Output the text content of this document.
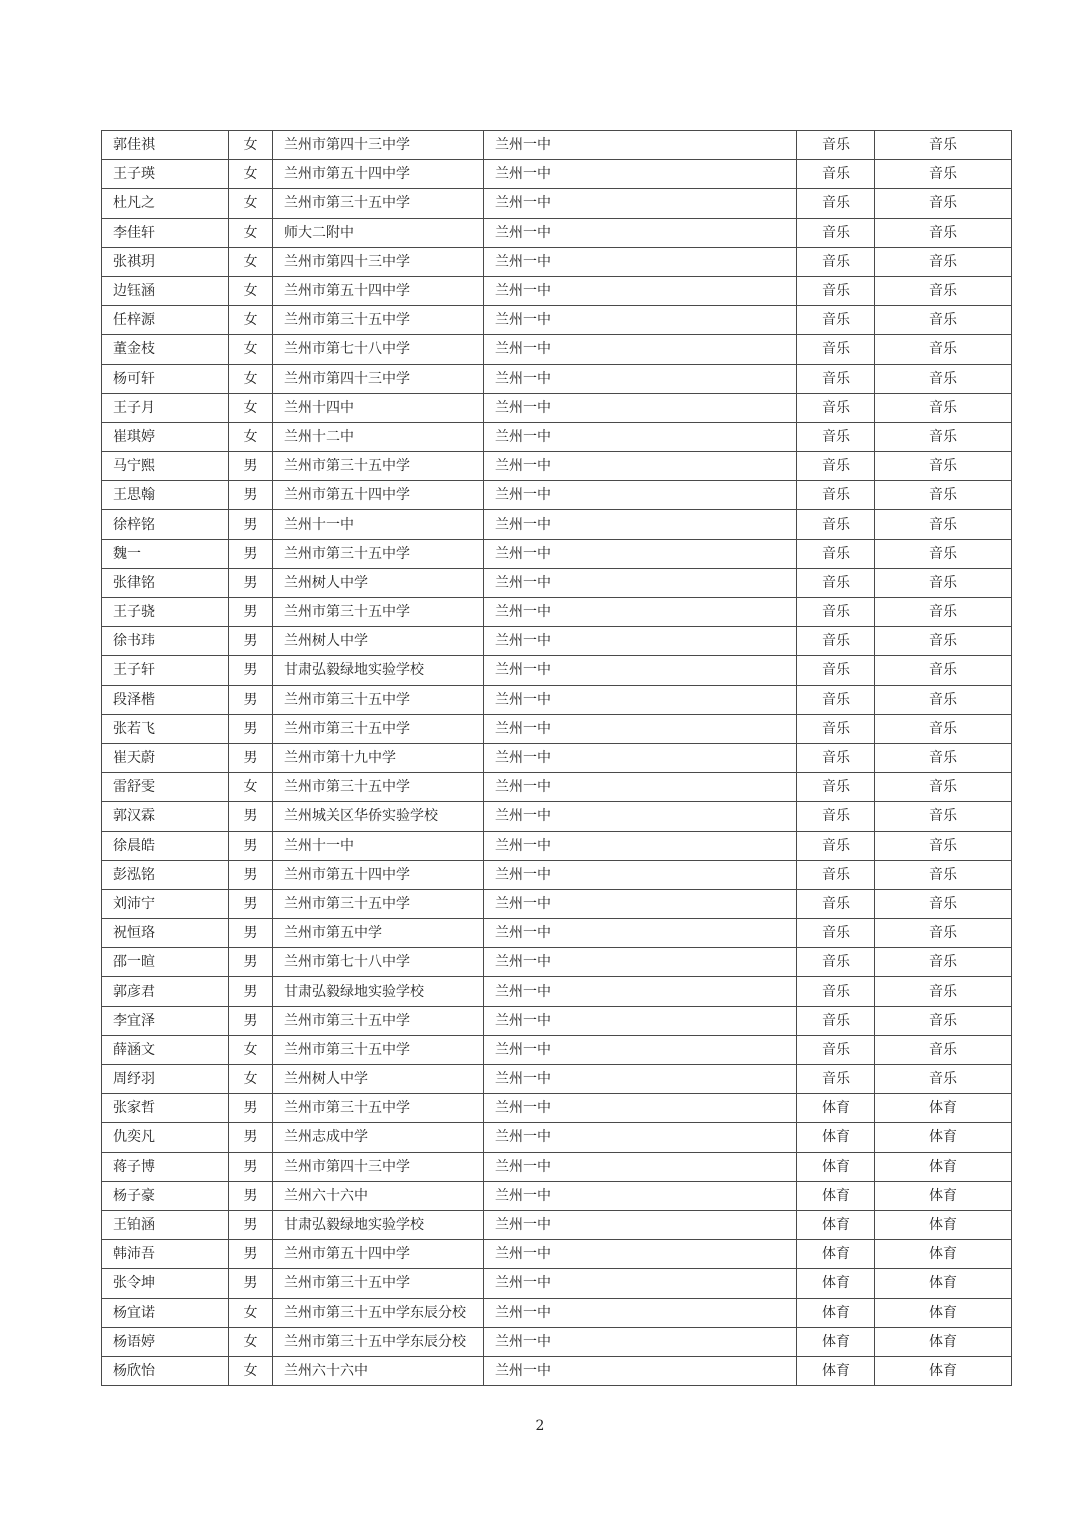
郭佳祺	女	兰州市第四十三中学	兰州一中	音乐	音乐
王子瑛	女	兰州市第五十四中学	兰州一中	音乐	音乐
杜凡之	女	兰州市第三十五中学	兰州一中	音乐	音乐
李佳轩	女	师大二附中	兰州一中	音乐	音乐
张祺玥	女	兰州市第四十三中学	兰州一中	音乐	音乐
边钰涵	女	兰州市第五十四中学	兰州一中	音乐	音乐
任梓源	女	兰州市第三十五中学	兰州一中	音乐	音乐
董金枝	女	兰州市第七十八中学	兰州一中	音乐	音乐
杨可轩	女	兰州市第四十三中学	兰州一中	音乐	音乐
王子月	女	兰州十四中	兰州一中	音乐	音乐
崔琪婷	女	兰州十二中	兰州一中	音乐	音乐
马宁熙	男	兰州市第三十五中学	兰州一中	音乐	音乐
王思翰	男	兰州市第五十四中学	兰州一中	音乐	音乐
徐梓铭	男	兰州十一中	兰州一中	音乐	音乐
魏一	男	兰州市第三十五中学	兰州一中	音乐	音乐
张律铭	男	兰州树人中学	兰州一中	音乐	音乐
王子骁	男	兰州市第三十五中学	兰州一中	音乐	音乐
徐书玮	男	兰州树人中学	兰州一中	音乐	音乐
王子轩	男	甘肃弘毅绿地实验学校	兰州一中	音乐	音乐
段泽楷	男	兰州市第三十五中学	兰州一中	音乐	音乐
张若飞	男	兰州市第三十五中学	兰州一中	音乐	音乐
崔天蔚	男	兰州市第十九中学	兰州一中	音乐	音乐
雷舒雯	女	兰州市第三十五中学	兰州一中	音乐	音乐
郭汉霖	男	兰州城关区华侨实验学校	兰州一中	音乐	音乐
徐晨皓	男	兰州十一中	兰州一中	音乐	音乐
彭泓铭	男	兰州市第五十四中学	兰州一中	音乐	音乐
刘沛宁	男	兰州市第三十五中学	兰州一中	音乐	音乐
祝恒珞	男	兰州市第五中学	兰州一中	音乐	音乐
邵一暄	男	兰州市第七十八中学	兰州一中	音乐	音乐
郭彦君	男	甘肃弘毅绿地实验学校	兰州一中	音乐	音乐
李宜泽	男	兰州市第三十五中学	兰州一中	音乐	音乐
薛涵文	女	兰州市第三十五中学	兰州一中	音乐	音乐
周纾羽	女	兰州树人中学	兰州一中	音乐	音乐
张家哲	男	兰州市第三十五中学	兰州一中	体育	体育
仇奕凡	男	兰州志成中学	兰州一中	体育	体育
蒋子博	男	兰州市第四十三中学	兰州一中	体育	体育
杨子豪	男	兰州六十六中	兰州一中	体育	体育
王铂涵	男	甘肃弘毅绿地实验学校	兰州一中	体育	体育
韩沛吾	男	兰州市第五十四中学	兰州一中	体育	体育
张令坤	男	兰州市第三十五中学	兰州一中	体育	体育
杨宜诺	女	兰州市第三十五中学东辰分校	兰州一中	体育	体育
杨语婷	女	兰州市第三十五中学东辰分校	兰州一中	体育	体育
杨欣怡	女	兰州六十六中	兰州一中	体育	体育
2
